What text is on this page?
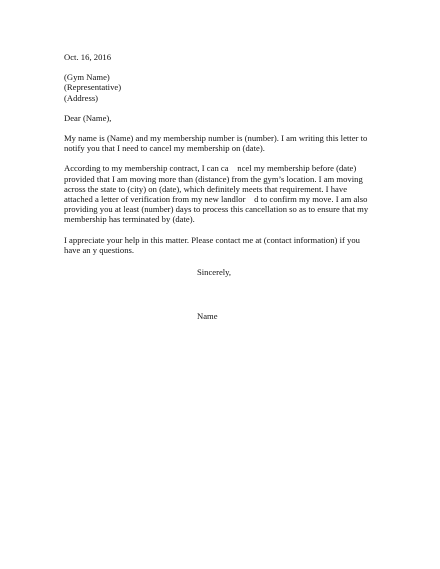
Oct. 16, 2016
(Gym Name)
(Representative)
(Address)
Dear (Name),
My name is (Name) and my membership number is (number). I am writing this letter to
notify you that I need to cancel my membership on (date).
According to my membership contract, I can ca    ncel my membership before (date)
provided that I am moving more than (distance) from the gym’s location. I am moving
across the state to (city) on (date), which definitely meets that requirement. I have
attached a letter of verification from my new landlor    d to confirm my move. I am also
providing you at least (number) days to process this cancellation so as to ensure that my
membership has terminated by (date).
I appreciate your help in this matter. Please contact me at (contact information) if you
have an y questions.
Sincerely,
Name
